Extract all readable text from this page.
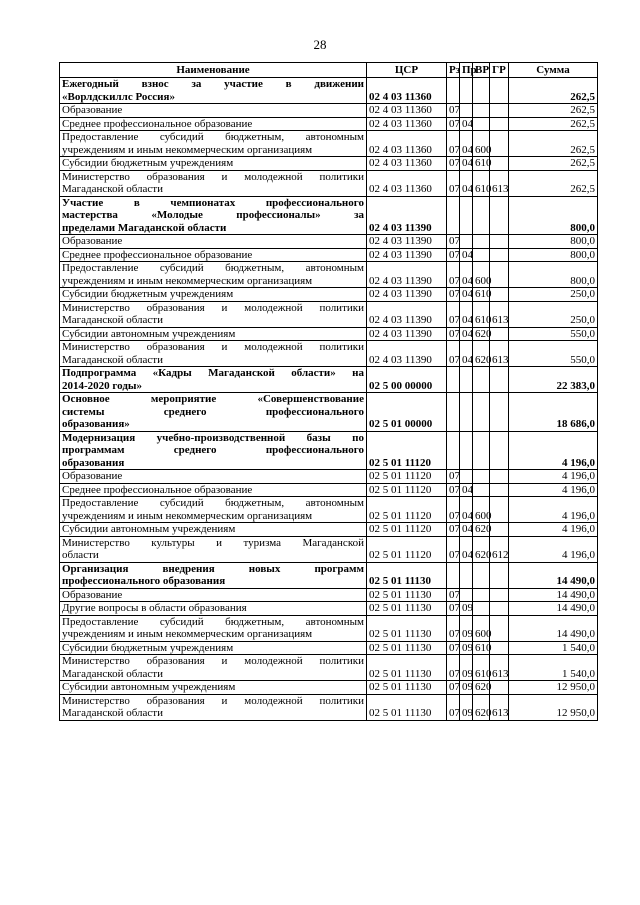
28
Наименование	ЦСР	Рз	Пр	ВР	ГР	Сумма

Ежегодный взнос за участие в движении
«Ворлдскиллс Россия»	02 4 03 11360					262,5

Образование	02 4 03 11360	07				262,5

Среднее профессиональное образование	02 4 03 11360	07	04			262,5

Предоставление субсидий бюджетным, автономным
учреждениям и иным некоммерческим организациям	02 4 03 11360	07	04	600		262,5

Субсидии бюджетным учреждениям	02 4 03 11360	07	04	610		262,5

Министерство образования и молодежной политики
Магаданской области	02 4 03 11360	07	04	610	613	262,5

Участие в чемпионатах профессионального
мастерства «Молодые профессионалы» за
пределами Магаданской области	02 4 03 11390					800,0

Образование	02 4 03 11390	07				800,0

Среднее профессиональное образование	02 4 03 11390	07	04			800,0

Предоставление субсидий бюджетным, автономным
учреждениям и иным некоммерческим организациям	02 4 03 11390	07	04	600		800,0

Субсидии бюджетным учреждениям	02 4 03 11390	07	04	610		250,0

Министерство образования и молодежной политики
Магаданской области	02 4 03 11390	07	04	610	613	250,0

Субсидии автономным учреждениям	02 4 03 11390	07	04	620		550,0

Министерство образования и молодежной политики
Магаданской области	02 4 03 11390	07	04	620	613	550,0

Подпрограмма «Кадры Магаданской области» на
2014-2020 годы»	02 5 00 00000					22 383,0

Основное мероприятие «Совершенствование
системы среднего профессионального
образования»	02 5 01 00000					18 686,0

Модернизация учебно-производственной базы по
программам среднего профессионального
образования	02 5 01 11120					4 196,0

Образование	02 5 01 11120	07				4 196,0

Среднее профессиональное образование	02 5 01 11120	07	04			4 196,0

Предоставление субсидий бюджетным, автономным
учреждениям и иным некоммерческим организациям	02 5 01 11120	07	04	600		4 196,0

Субсидии автономным учреждениям	02 5 01 11120	07	04	620		4 196,0

Министерство культуры и туризма Магаданской
области	02 5 01 11120	07	04	620	612	4 196,0

Организация внедрения новых программ
профессионального образования	02 5 01 11130					14 490,0

Образование	02 5 01 11130	07				14 490,0

Другие вопросы в области образования	02 5 01 11130	07	09			14 490,0

Предоставление субсидий бюджетным, автономным
учреждениям и иным некоммерческим организациям	02 5 01 11130	07	09	600		14 490,0

Субсидии бюджетным учреждениям	02 5 01 11130	07	09	610		1 540,0

Министерство образования и молодежной политики
Магаданской области	02 5 01 11130	07	09	610	613	1 540,0

Субсидии автономным учреждениям	02 5 01 11130	07	09	620		12 950,0

Министерство образования и молодежной политики
Магаданской области	02 5 01 11130	07	09	620	613	12 950,0
